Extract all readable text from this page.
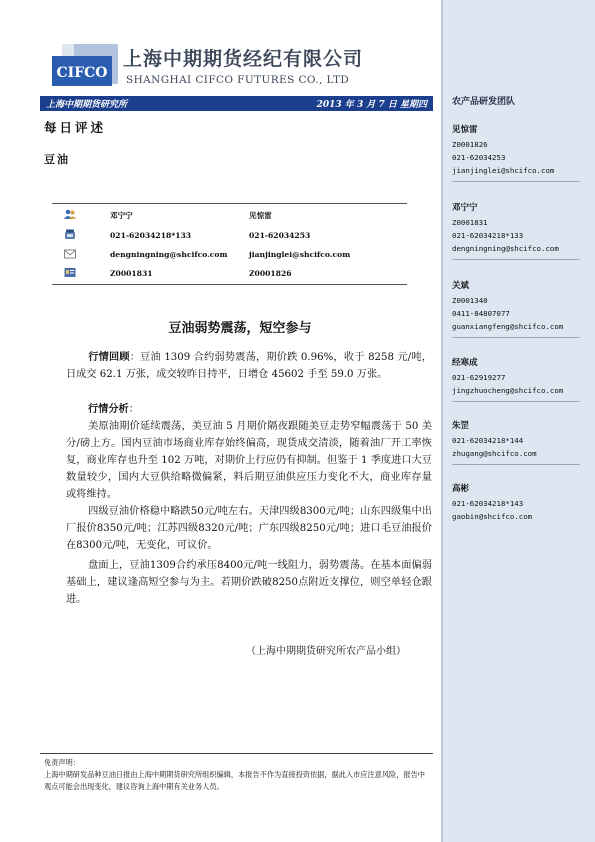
农产品研发团队
见惊雷
Z0001826
021-62034253
jianjinglei@shcifco.com
邓宁宁
Z0001831
021-62034218*133
dengningning@shcifco.com
关斌
Z0001340
0411-84807077
guanxiangfeng@shcifco.com
经寒成
021-62919277
jingzhuocheng@shcifco.com
朱罡
021-62034218*144
zhugang@shcifco.com
高彬
021-62034218*143
gaobin@shcifco.com
CIFCO
上海中期期货经纪有限公司
SHANGHAI CIFCO FUTURES CO., LTD
上海中期期货研究所	2013 年 3 月 7 日 星期四
每日评述
豆油
邓宁宁	见惊雷
021-62034218*133	021-62034253
dengningning@shcifco.com	jianjinglei@shcifco.com
Z0001831	Z0001826
豆油弱势震荡，短空参与
行情回顾：豆油 1309 合约弱势震荡，期价跌 0.96%，收于 8258 元/吨，日成交 62.1 万张，成交较昨日持平，日增仓 45602 手至 59.0 万张。
行情分析：
美原油期价延续震荡，美豆油 5 月期价隔夜跟随美豆走势窄幅震荡于 50 美分/磅上方。国内豆油市场商业库存始终偏高，现货成交清淡，随着油厂开工率恢复，商业库存也升至 102 万吨，对期价上行应仍有抑制。但鉴于 1 季度进口大豆数量较少，国内大豆供给略微偏紧，料后期豆油供应压力变化不大，商业库存量或将维持。
四级豆油价格稳中略跌50元/吨左右。天津四级8300元/吨；山东四级集中出厂报价8350元/吨；江苏四级8320元/吨；广东四级8250元/吨；进口毛豆油报价在8300元/吨，无变化，可议价。
盘面上，豆油1309合约承压8400元/吨一线阻力，弱势震荡。在基本面偏弱基础上，建议逢高短空参与为主。若期价跌破8250点附近支撑位，则空单轻仓跟进。
（上海中期期货研究所农产品小组）
免责声明：
上海中期研发品种豆油日报由上海中期期货研究所组织编辑，本报告不作为直接投资依据，据此入市应注意风险，报告中观点可能会出现变化，建议咨询上海中期有关业务人员。
